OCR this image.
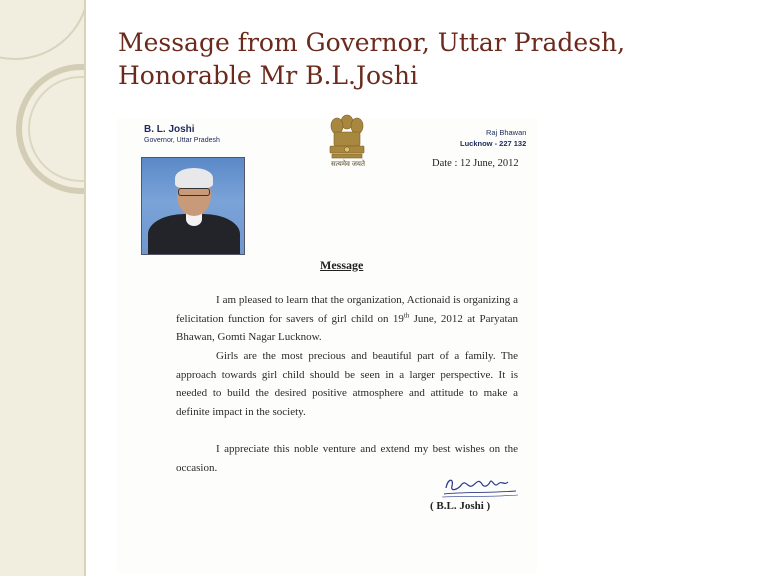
Message from Governor, Uttar Pradesh,
Honorable Mr B.L.Joshi
B. L. Joshi
Governor, Uttar Pradesh
सत्यमेव जयते
Raj Bhawan
Lucknow - 227 132
Date : 12 June, 2012
Message

I am pleased to learn that the organization, Actionaid is organizing a felicitation function for savers of girl child on 19th June, 2012 at Paryatan Bhawan, Gomti Nagar Lucknow.

Girls are the most precious and beautiful part of a family. The approach towards girl child should be seen in a larger perspective. It is needed to build the desired positive atmosphere and attitude to make a definite impact in the society.

I appreciate this noble venture and extend my best wishes on the occasion.

( B.L. Joshi )
